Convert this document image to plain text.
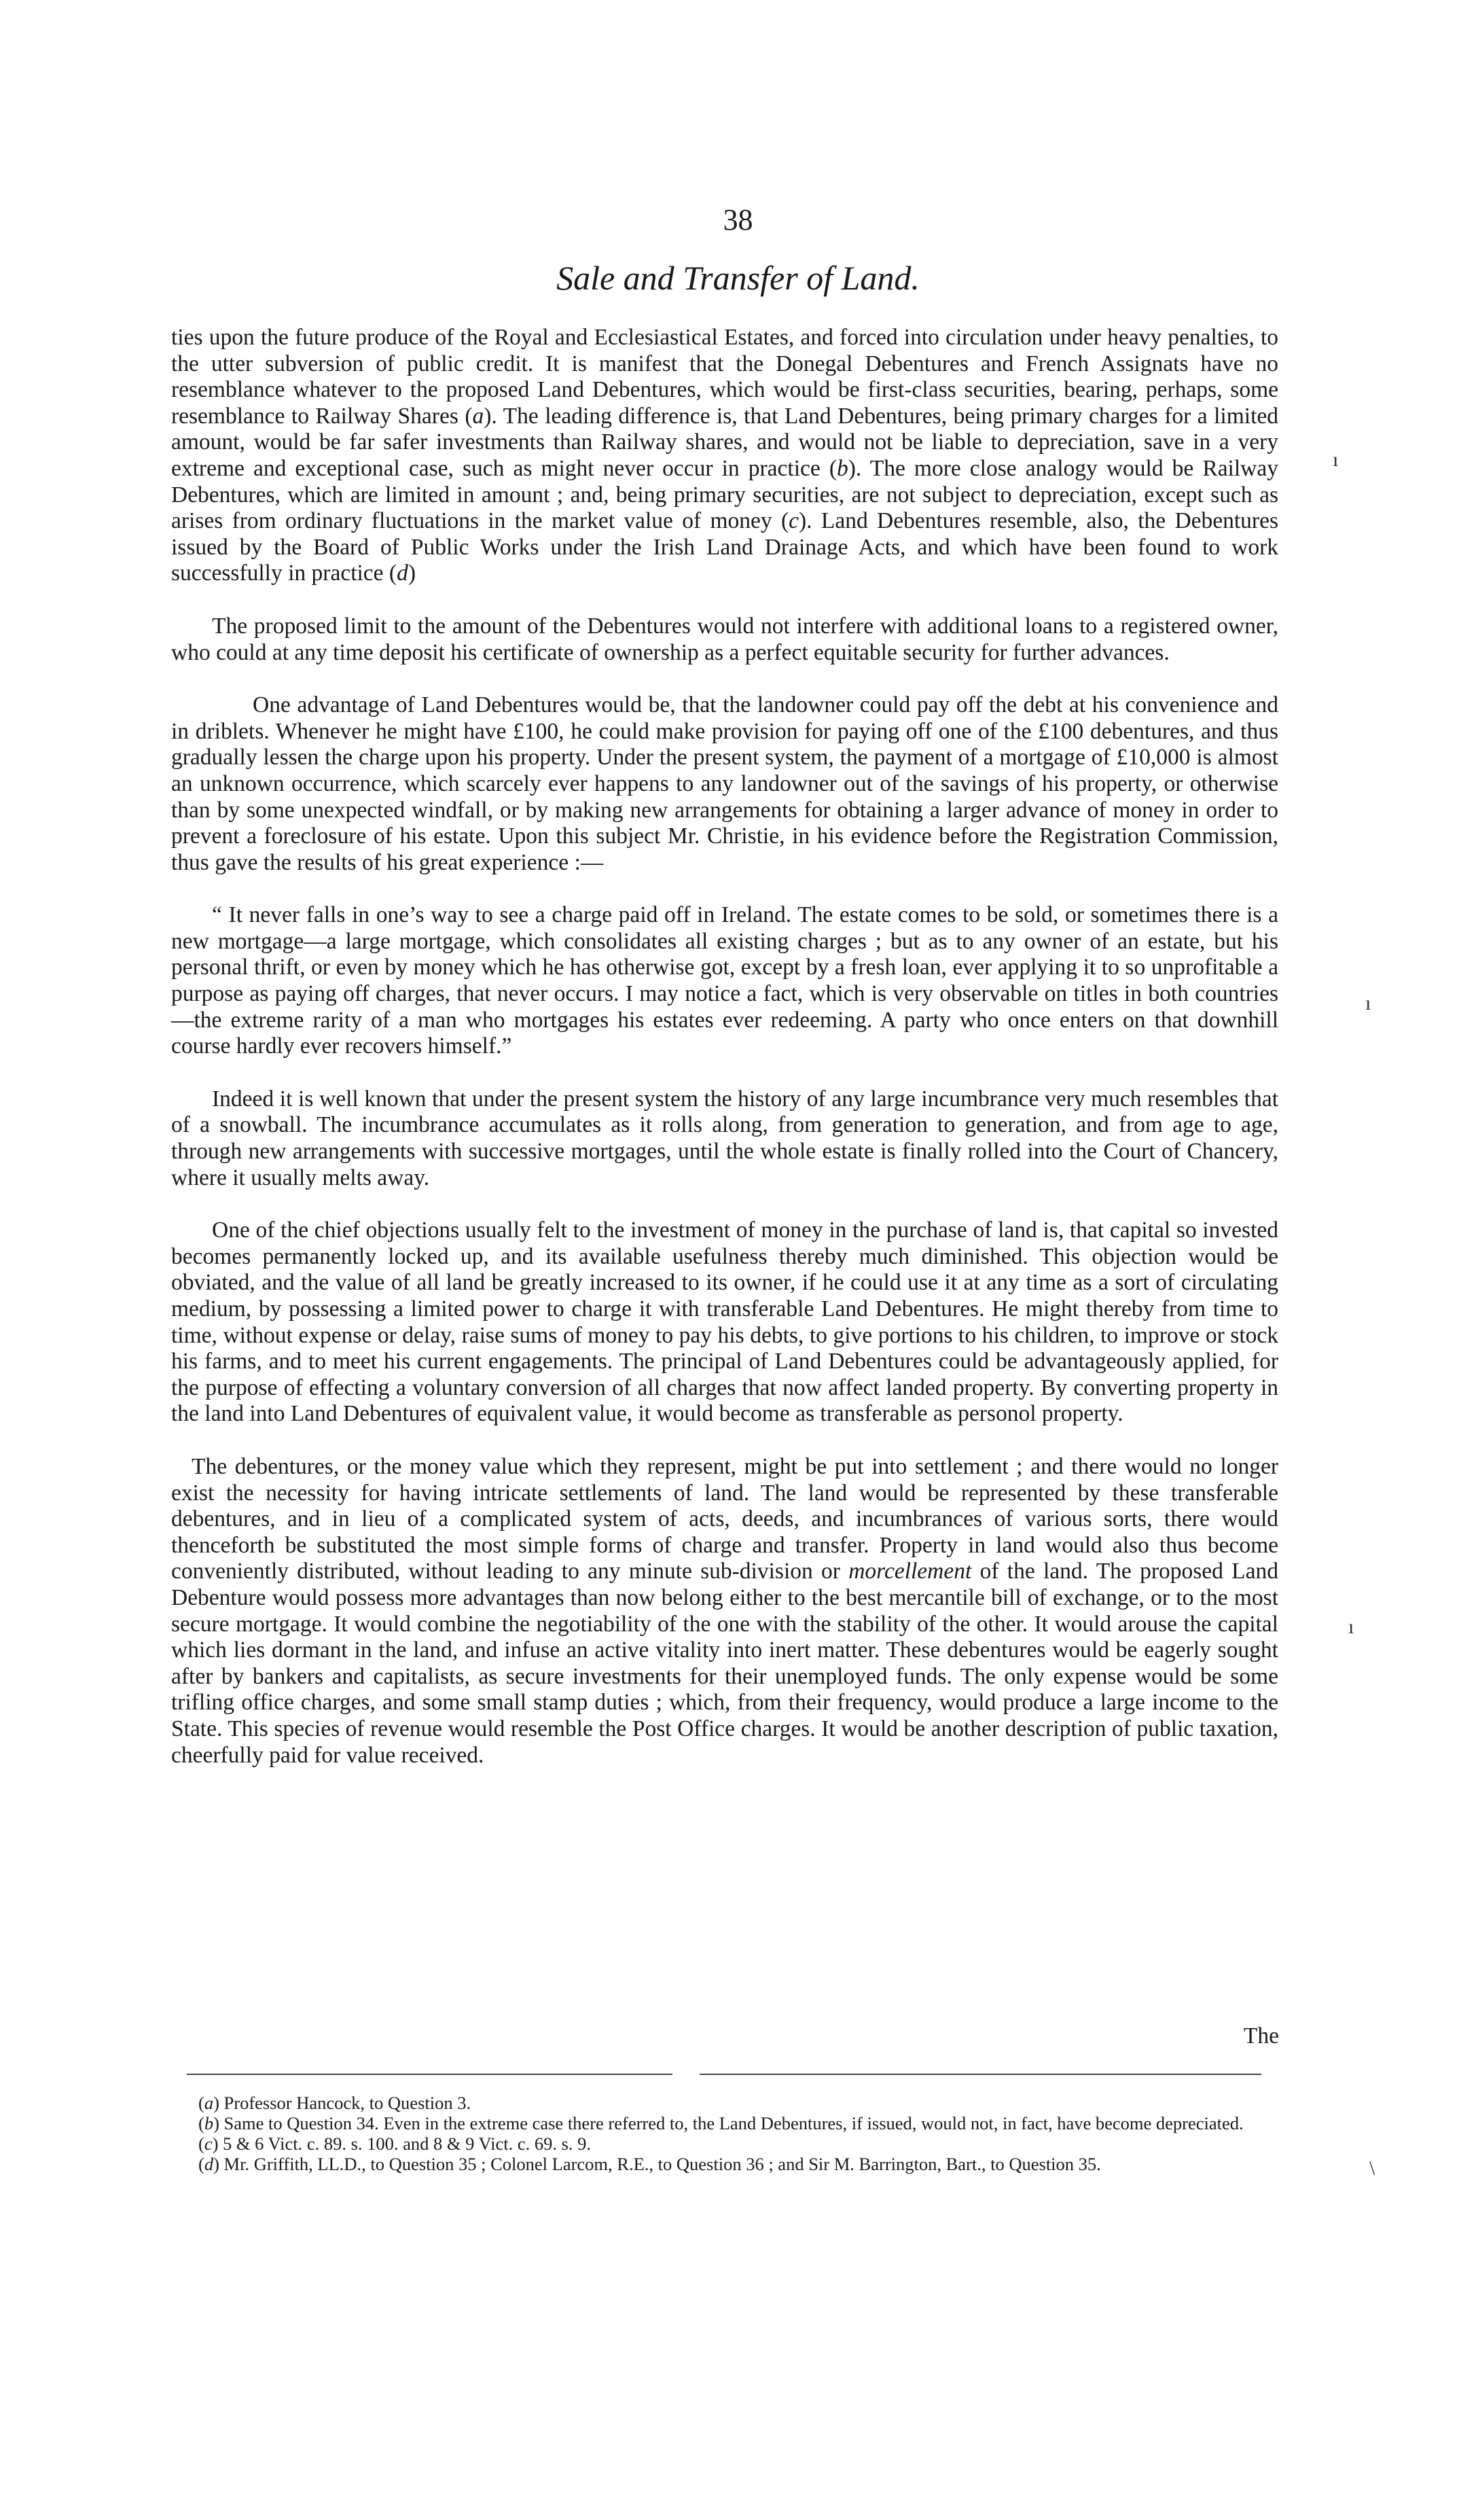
38
Sale and Transfer of Land.

ties upon the future produce of the Royal and Ecclesiastical Estates, and forced into circulation under heavy penalties, to the utter subversion of public credit. It is manifest that the Donegal Debentures and French Assignats have no resemblance whatever to the proposed Land Debentures, which would be first-class securities, bearing, perhaps, some resemblance to Railway Shares (a). The leading difference is, that Land Debentures, being primary charges for a limited amount, would be far safer investments than Railway shares, and would not be liable to depreciation, save in a very extreme and exceptional case, such as might never occur in practice (b). The more close analogy would be Railway Debentures, which are limited in amount ; and, being primary securities, are not subject to depreciation, except such as arises from ordinary fluctuations in the market value of money (c). Land Debentures resemble, also, the Debentures issued by the Board of Public Works under the Irish Land Drainage Acts, and which have been found to work successfully in practice (d)

The proposed limit to the amount of the Debentures would not interfere with additional loans to a registered owner, who could at any time deposit his certificate of ownership as a perfect equitable security for further advances.

One advantage of Land Debentures would be, that the landowner could pay off the debt at his convenience and in driblets. Whenever he might have £100, he could make provision for paying off one of the £100 debentures, and thus gradually lessen the charge upon his property. Under the present system, the payment of a mortgage of £10,000 is almost an unknown occurrence, which scarcely ever happens to any landowner out of the savings of his property, or otherwise than by some unexpected windfall, or by making new arrangements for obtaining a larger advance of money in order to prevent a foreclosure of his estate. Upon this subject Mr. Christie, in his evidence before the Registration Commission, thus gave the results of his great experience :—

“ It never falls in one’s way to see a charge paid off in Ireland. The estate comes to be sold, or sometimes there is a new mortgage—a large mortgage, which consolidates all existing charges ; but as to any owner of an estate, but his personal thrift, or even by money which he has otherwise got, except by a fresh loan, ever applying it to so unprofitable a purpose as paying off charges, that never occurs. I may notice a fact, which is very observable on titles in both countries—the extreme rarity of a man who mortgages his estates ever redeeming. A party who once enters on that downhill course hardly ever recovers himself.”

Indeed it is well known that under the present system the history of any large incumbrance very much resembles that of a snowball. The incumbrance accumulates as it rolls along, from generation to generation, and from age to age, through new arrangements with successive mortgages, until the whole estate is finally rolled into the Court of Chancery, where it usually melts away.

One of the chief objections usually felt to the investment of money in the purchase of land is, that capital so invested becomes permanently locked up, and its available usefulness thereby much diminished. This objection would be obviated, and the value of all land be greatly increased to its owner, if he could use it at any time as a sort of circulating medium, by possessing a limited power to charge it with transferable Land Debentures. He might thereby from time to time, without expense or delay, raise sums of money to pay his debts, to give portions to his children, to improve or stock his farms, and to meet his current engagements. The principal of Land Debentures could be advantageously applied, for the purpose of effecting a voluntary conversion of all charges that now affect landed property. By converting property in the land into Land Debentures of equivalent value, it would become as transferable as personol property.

The debentures, or the money value which they represent, might be put into settlement ; and there would no longer exist the necessity for having intricate settlements of land. The land would be represented by these transferable debentures, and in lieu of a complicated system of acts, deeds, and incumbrances of various sorts, there would thenceforth be substituted the most simple forms of charge and transfer. Property in land would also thus become conveniently distributed, without leading to any minute sub-division or morcellement of the land. The proposed Land Debenture would possess more advantages than now belong either to the best mercantile bill of exchange, or to the most secure mortgage. It would combine the negotiability of the one with the stability of the other. It would arouse the capital which lies dormant in the land, and infuse an active vitality into inert matter. These debentures would be eagerly sought after by bankers and capitalists, as secure investments for their unemployed funds. The only expense would be some trifling office charges, and some small stamp duties ; which, from their frequency, would produce a large income to the State. This species of revenue would resemble the Post Office charges. It would be another description of public taxation, cheerfully paid for value received.

The

(a) Professor Hancock, to Question 3.

(b) Same to Question 34. Even in the extreme case there referred to, the Land Debentures, if issued, would not, in fact, have become depreciated.

(c) 5 & 6 Vict. c. 89. s. 100. and 8 & 9 Vict. c. 69. s. 9.

(d) Mr. Griffith, LL.D., to Question 35 ; Colonel Larcom, R.E., to Question 36 ; and Sir M. Barrington, Bart., to Question 35.

ı
ı
ı
\
